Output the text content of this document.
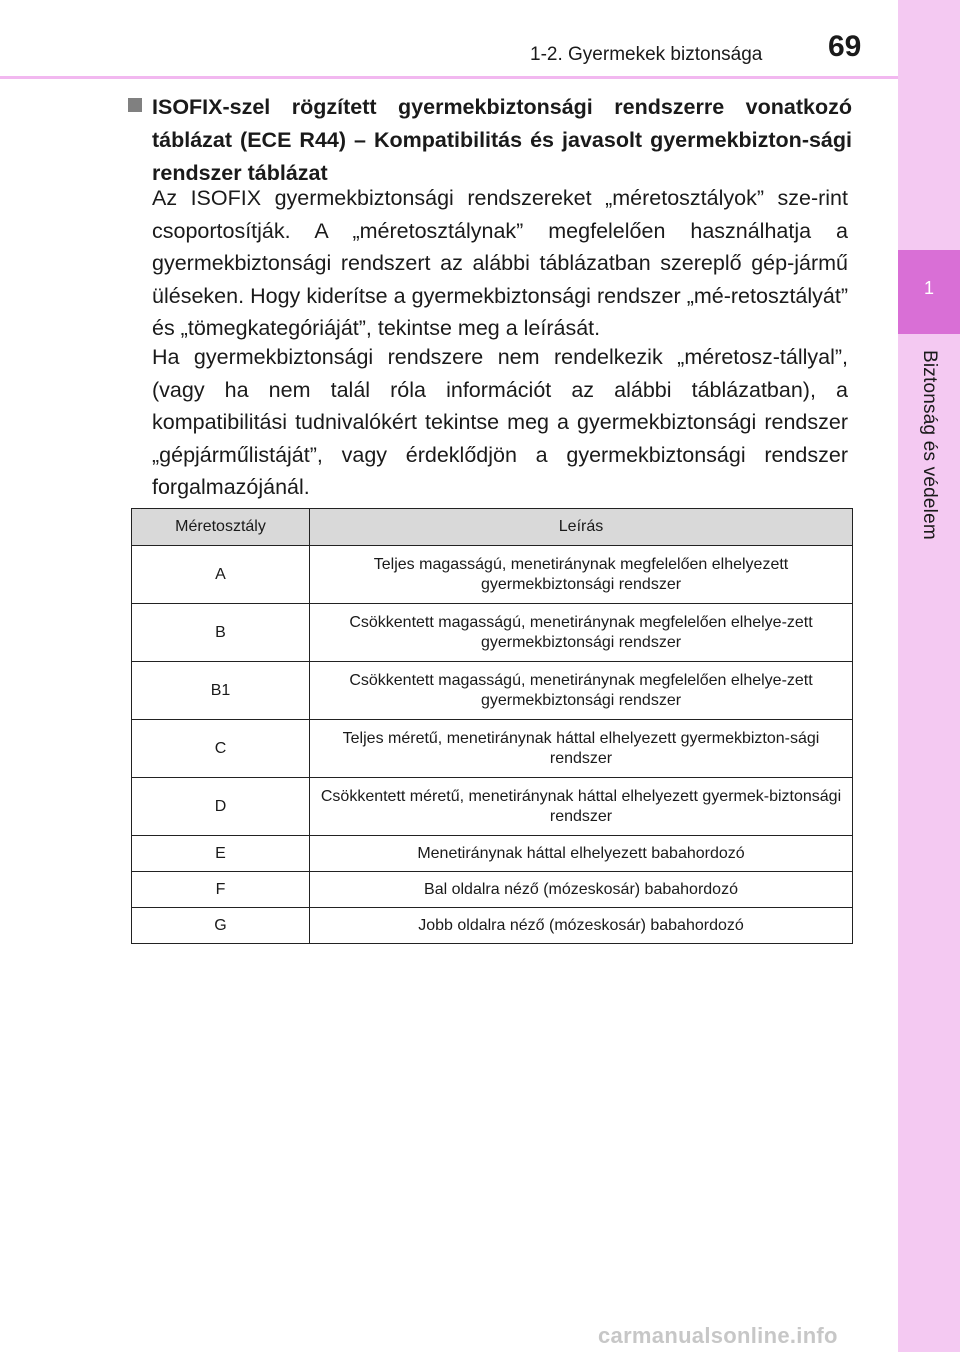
1
Biztonság és védelem
1-2. Gyermekek biztonsága 69
ISOFIX-szel rögzített gyermekbiztonsági rendszerre vonatkozó táblázat (ECE R44) – Kompatibilitás és javasolt gyermekbizton-sági rendszer táblázat
Az ISOFIX gyermekbiztonsági rendszereket „méretosztályok” sze-rint csoportosítják. A „méretosztálynak” megfelelően használhatja a gyermekbiztonsági rendszert az alábbi táblázatban szereplő gép-jármű üléseken. Hogy kiderítse a gyermekbiztonsági rendszer „mé-retosztályát” és „tömegkategóriáját”, tekintse meg a leírását.
Ha gyermekbiztonsági rendszere nem rendelkezik „méretosz-tállyal”, (vagy ha nem talál róla információt az alábbi táblázatban), a kompatibilitási tudnivalókért tekintse meg a gyermekbiztonsági rendszer „gépjárműlistáját”, vagy érdeklődjön a gyermekbiztonsági rendszer forgalmazójánál.
Méretosztály	Leírás
A	Teljes magasságú, menetiránynak megfelelően elhelyezett gyermekbiztonsági rendszer
B	Csökkentett magasságú, menetiránynak megfelelően elhelye-zett gyermekbiztonsági rendszer
B1	Csökkentett magasságú, menetiránynak megfelelően elhelye-zett gyermekbiztonsági rendszer
C	Teljes méretű, menetiránynak háttal elhelyezett gyermekbizton-sági rendszer
D	Csökkentett méretű, menetiránynak háttal elhelyezett gyermek-biztonsági rendszer
E	Menetiránynak háttal elhelyezett babahordozó
F	Bal oldalra néző (mózeskosár) babahordozó
G	Jobb oldalra néző (mózeskosár) babahordozó
carmanualsonline.info
